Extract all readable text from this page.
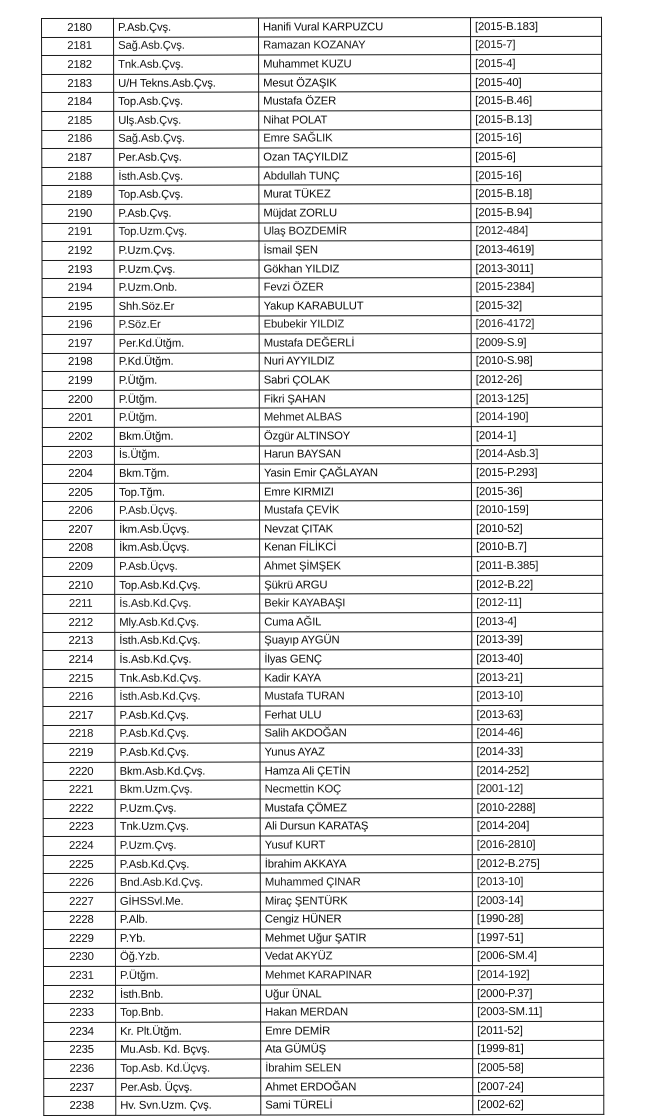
2180	P.Asb.Çvş.	Hanifi Vural KARPUZCU	[2015-B.183]
2181	Sağ.Asb.Çvş.	Ramazan KOZANAY	[2015-7]
2182	Tnk.Asb.Çvş.	Muhammet KUZU	[2015-4]
2183	U/H Tekns.Asb.Çvş.	Mesut ÖZAŞIK	[2015-40]
2184	Top.Asb.Çvş.	Mustafa ÖZER	[2015-B.46]
2185	Ulş.Asb.Çvş.	Nihat POLAT	[2015-B.13]
2186	Sağ.Asb.Çvş.	Emre SAĞLIK	[2015-16]
2187	Per.Asb.Çvş.	Ozan TAÇYILDIZ	[2015-6]
2188	İsth.Asb.Çvş.	Abdullah TUNÇ	[2015-16]
2189	Top.Asb.Çvş.	Murat TÜKEZ	[2015-B.18]
2190	P.Asb.Çvş.	Müjdat ZORLU	[2015-B.94]
2191	Top.Uzm.Çvş.	Ulaş BOZDEMİR	[2012-484]
2192	P.Uzm.Çvş.	İsmail ŞEN	[2013-4619]
2193	P.Uzm.Çvş.	Gökhan YILDIZ	[2013-3011]
2194	P.Uzm.Onb.	Fevzi ÖZER	[2015-2384]
2195	Shh.Söz.Er	Yakup KARABULUT	[2015-32]
2196	P.Söz.Er	Ebubekir YILDIZ	[2016-4172]
2197	Per.Kd.Ütğm.	Mustafa DEĞERLİ	[2009-S.9]
2198	P.Kd.Ütğm.	Nuri AYYILDIZ	[2010-S.98]
2199	P.Ütğm.	Sabri ÇOLAK	[2012-26]
2200	P.Ütğm.	Fikri ŞAHAN	[2013-125]
2201	P.Ütğm.	Mehmet ALBAS	[2014-190]
2202	Bkm.Ütğm.	Özgür ALTINSOY	[2014-1]
2203	İs.Ütğm.	Harun BAYSAN	[2014-Asb.3]
2204	Bkm.Tğm.	Yasin Emir ÇAĞLAYAN	[2015-P.293]
2205	Top.Tğm.	Emre KIRMIZI	[2015-36]
2206	P.Asb.Üçvş.	Mustafa ÇEVİK	[2010-159]
2207	İkm.Asb.Üçvş.	Nevzat ÇITAK	[2010-52]
2208	İkm.Asb.Üçvş.	Kenan FİLİKCİ	[2010-B.7]
2209	P.Asb.Üçvş.	Ahmet ŞİMŞEK	[2011-B.385]
2210	Top.Asb.Kd.Çvş.	Şükrü ARGU	[2012-B.22]
2211	İs.Asb.Kd.Çvş.	Bekir KAYABAŞI	[2012-11]
2212	Mly.Asb.Kd.Çvş.	Cuma AĞIL	[2013-4]
2213	İsth.Asb.Kd.Çvş.	Şuayıp AYGÜN	[2013-39]
2214	İs.Asb.Kd.Çvş.	İlyas GENÇ	[2013-40]
2215	Tnk.Asb.Kd.Çvş.	Kadir KAYA	[2013-21]
2216	İsth.Asb.Kd.Çvş.	Mustafa TURAN	[2013-10]
2217	P.Asb.Kd.Çvş.	Ferhat ULU	[2013-63]
2218	P.Asb.Kd.Çvş.	Salih AKDOĞAN	[2014-46]
2219	P.Asb.Kd.Çvş.	Yunus AYAZ	[2014-33]
2220	Bkm.Asb.Kd.Çvş.	Hamza Ali ÇETİN	[2014-252]
2221	Bkm.Uzm.Çvş.	Necmettin KOÇ	[2001-12]
2222	P.Uzm.Çvş.	Mustafa ÇÖMEZ	[2010-2288]
2223	Tnk.Uzm.Çvş.	Ali Dursun KARATAŞ	[2014-204]
2224	P.Uzm.Çvş.	Yusuf KURT	[2016-2810]
2225	P.Asb.Kd.Çvş.	İbrahim AKKAYA	[2012-B.275]
2226	Bnd.Asb.Kd.Çvş.	Muhammed ÇINAR	[2013-10]
2227	GİHSSvl.Me.	Miraç ŞENTÜRK	[2003-14]
2228	P.Alb.	Cengiz HÜNER	[1990-28]
2229	P.Yb.	Mehmet Uğur ŞATIR	[1997-51]
2230	Öğ.Yzb.	Vedat AKYÜZ	[2006-SM.4]
2231	P.Ütğm.	Mehmet KARAPINAR	[2014-192]
2232	İsth.Bnb.	Uğur ÜNAL	[2000-P.37]
2233	Top.Bnb.	Hakan MERDAN	[2003-SM.11]
2234	Kr. Plt.Ütğm.	Emre DEMİR	[2011-52]
2235	Mu.Asb. Kd. Bçvş.	Ata GÜMÜŞ	[1999-81]
2236	Top.Asb. Kd.Üçvş.	İbrahim SELEN	[2005-58]
2237	Per.Asb. Üçvş.	Ahmet ERDOĞAN	[2007-24]
2238	Hv. Svn.Uzm. Çvş.	Sami TÜRELİ	[2002-62]
